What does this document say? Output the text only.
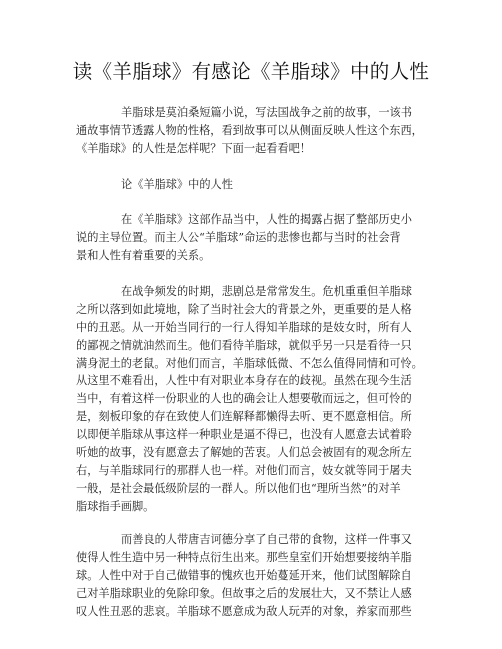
读《羊脂球》有感论《羊脂球》中的人性
羊脂球是莫泊桑短篇小说，写法国战争之前的故事，一该书
通故事情节透露人物的性格，看到故事可以从侧面反映人性这个东西，
《羊脂球》的人性是怎样呢？下面一起看看吧！
论《羊脂球》中的人性
在《羊脂球》这部作品当中，人性的揭露占据了整部历史小
说的主导位置。而主人公“羊脂球”命运的悲惨也都与当时的社会背
景和人性有着重要的关系。
在战争频发的时期，悲剧总是常常发生。危机重重但羊脂球
之所以落到如此境地，除了当时社会大的背景之外，更重要的是人格
中的丑恶。从一开始当同行的一行人得知羊脂球的是妓女时，所有人
的鄙视之情就油然而生。他们看待羊脂球，就似乎另一只是看待一只
满身泥土的老鼠。对他们而言，羊脂球低微、不怎么值得同情和可怜。
从这里不难看出，人性中有对职业本身存在的歧视。虽然在现今生活
当中，有着这样一份职业的人也的确会让人想要敬而远之，但可怜的
是，刻板印象的存在致使人们连解释都懒得去听、更不愿意相信。所
以即便羊脂球从事这样一种职业是逼不得已，也没有人愿意去试着聆
听她的故事，没有愿意去了解她的苦衷。人们总会被固有的观念所左
右，与羊脂球同行的那群人也一样。对他们而言，妓女就等同于屠夫
一般，是社会最低级阶层的一群人。所以他们也“理所当然”的对羊
脂球指手画脚。
而善良的人带唐吉诃德分享了自己带的食物，这样一件事又
使得人性生造中另一种特点衍生出来。那些皇室们开始想要接纳羊脂
球。人性中对于自己做错事的愧疚也开始蔓延开来，他们试图解除自
己对羊脂球职业的免除印象。但故事之后的发展壮大，又不禁让人感
叹人性丑恶的悲哀。羊脂球不愿意成为敌人玩弄的对象，养家而那些
